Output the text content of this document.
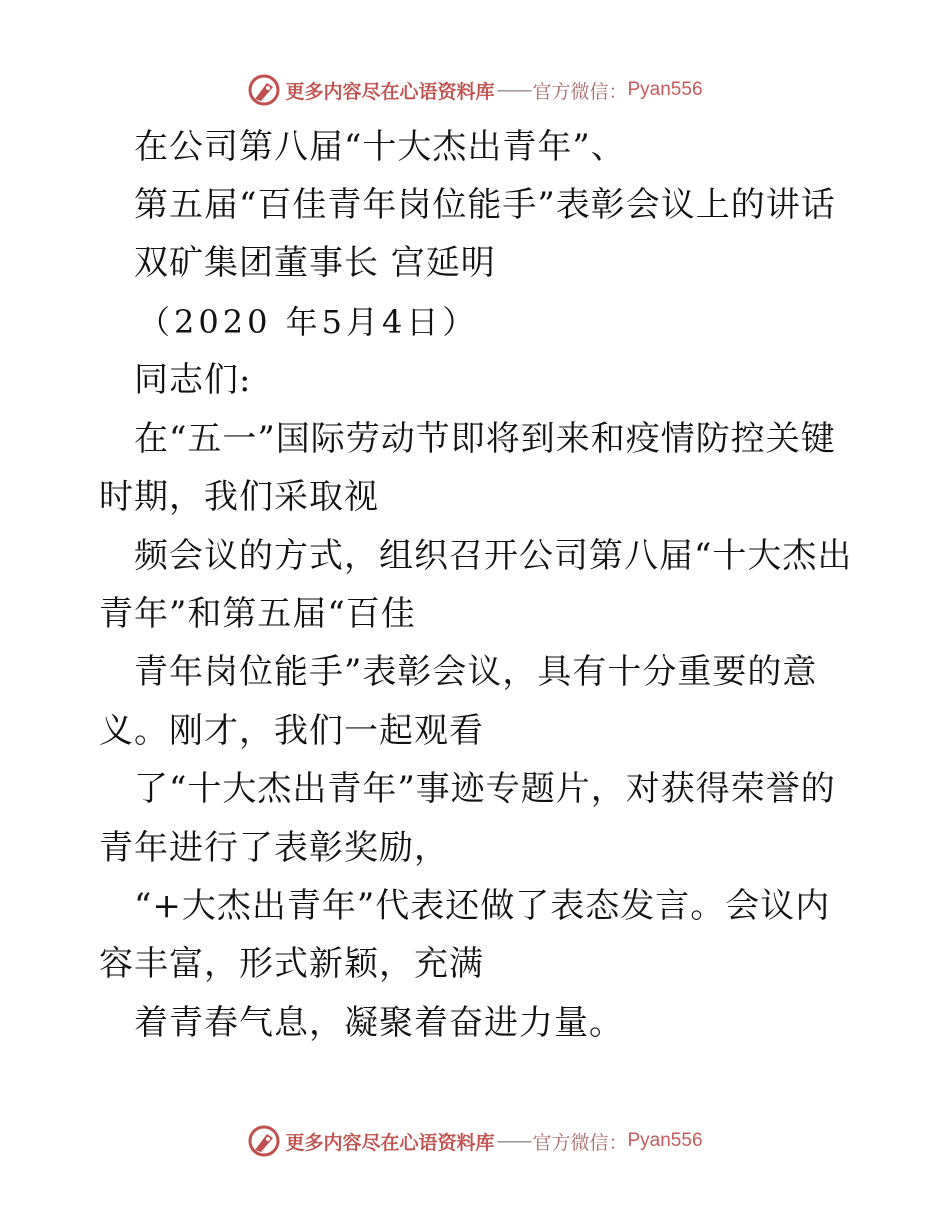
更多内容尽在心语资料库 —— 官方微信： Pyan556
在公司第八届“十大杰出青年”、
第五届“百佳青年岗位能手”表彰会议上的讲话
双矿集团董事长 宫延明
（2020 年5月4日）
同志们:
在“五一”国际劳动节即将到来和疫情防控关键
时期，我们采取视
频会议的方式，组织召开公司第八届“十大杰出
青年”和第五届“百佳
青年岗位能手”表彰会议，具有十分重要的意
义。刚才，我们一起观看
了“十大杰出青年”事迹专题片，对获得荣誉的
青年进行了表彰奖励，
“+大杰出青年”代表还做了表态发言。会议内
容丰富，形式新颖，充满
着青春气息，凝聚着奋进力量。
更多内容尽在心语资料库 —— 官方微信： Pyan556
